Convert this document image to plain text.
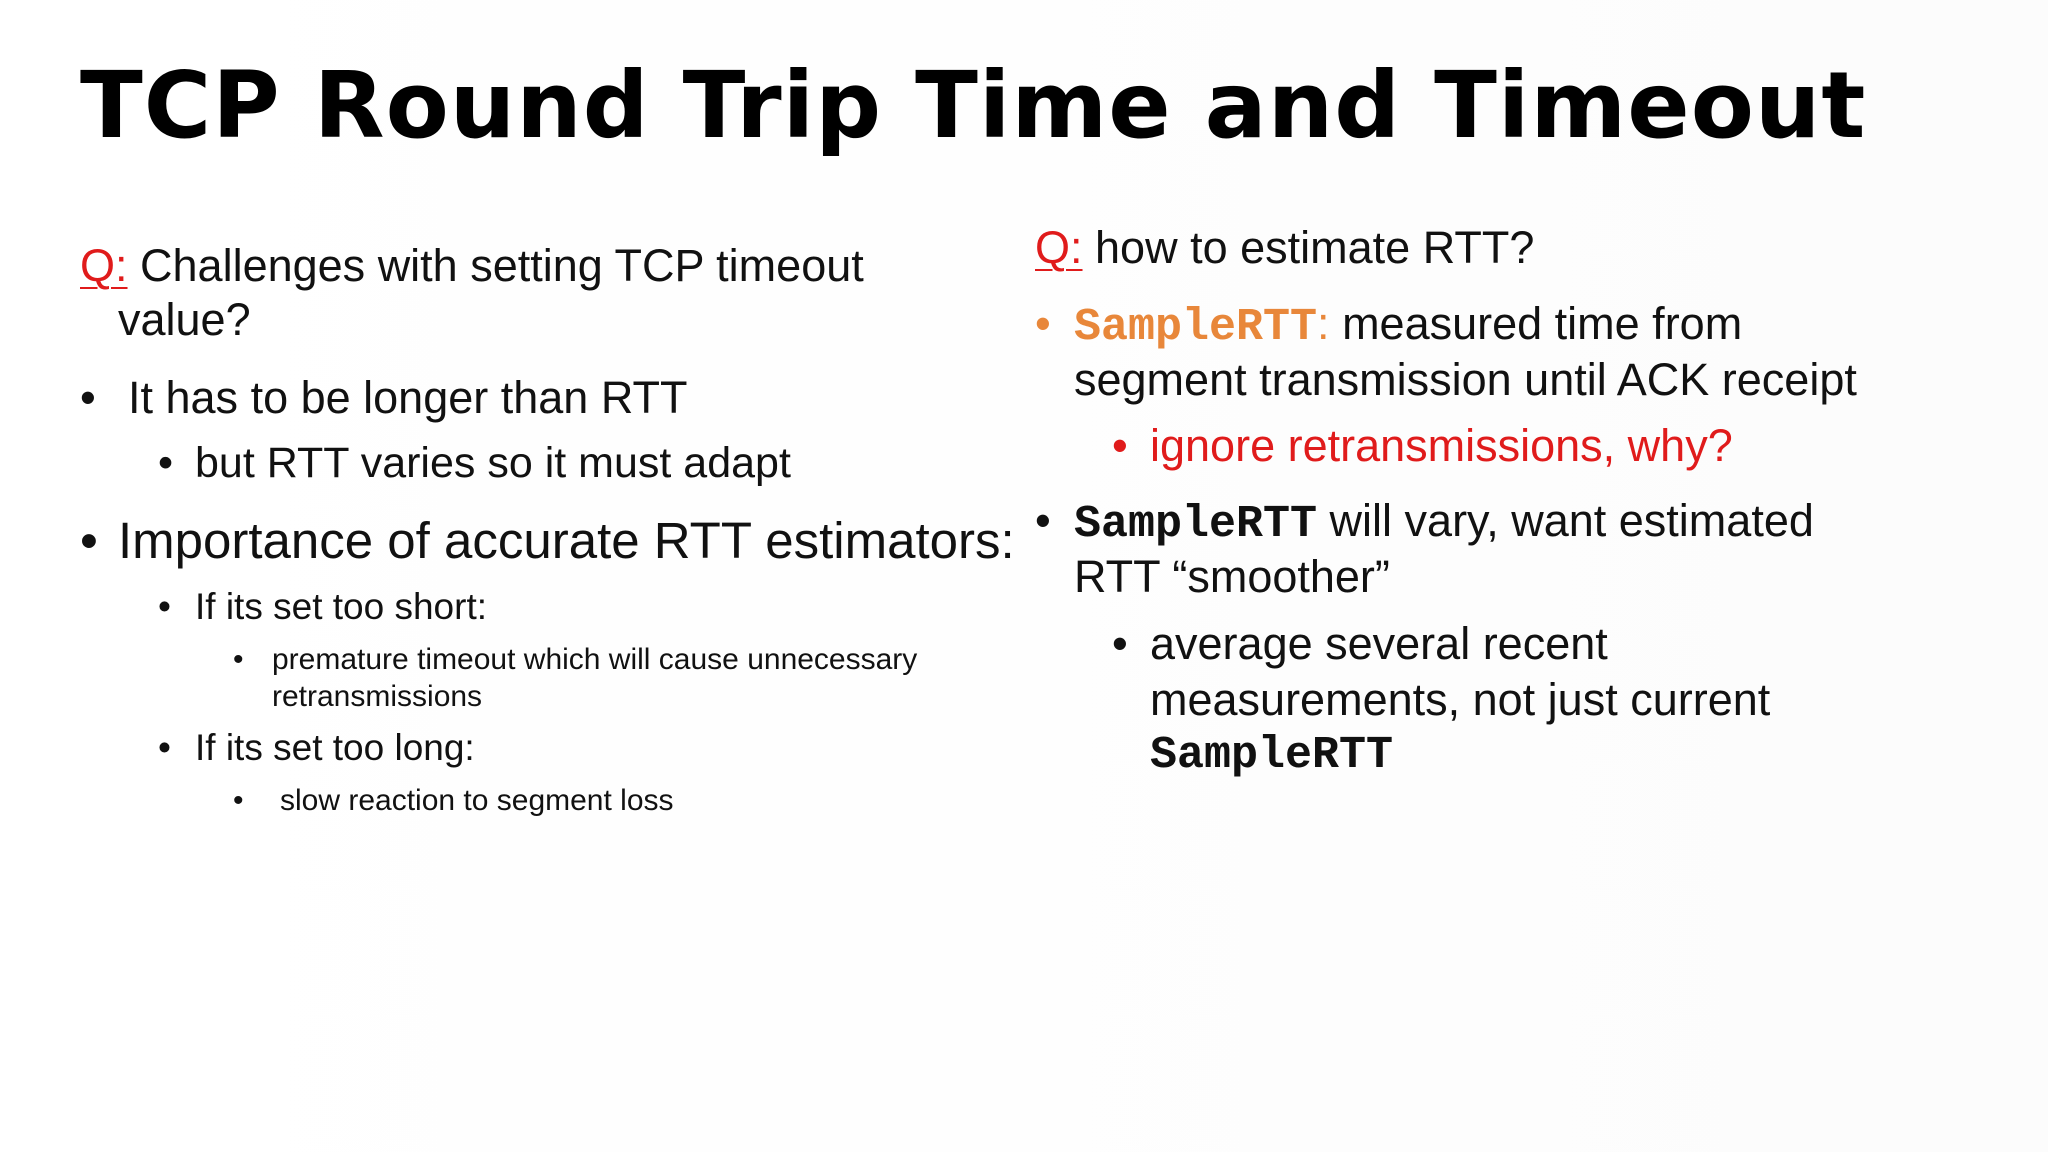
TCP Round Trip Time and Timeout
Q: Challenges with setting TCP timeout
value?
• It has to be longer than RTT
• but RTT varies so it must adapt
• Importance of accurate RTT estimators:
• If its set too short:
• premature timeout which will cause unnecessary
retransmissions
• If its set too long:
• slow reaction to segment loss
Q: how to estimate RTT?
• SampleRTT: measured time from
segment transmission until ACK receipt
• ignore retransmissions, why?
• SampleRTT will vary, want estimated
RTT “smoother”
• average several recent
measurements, not just current
SampleRTT
